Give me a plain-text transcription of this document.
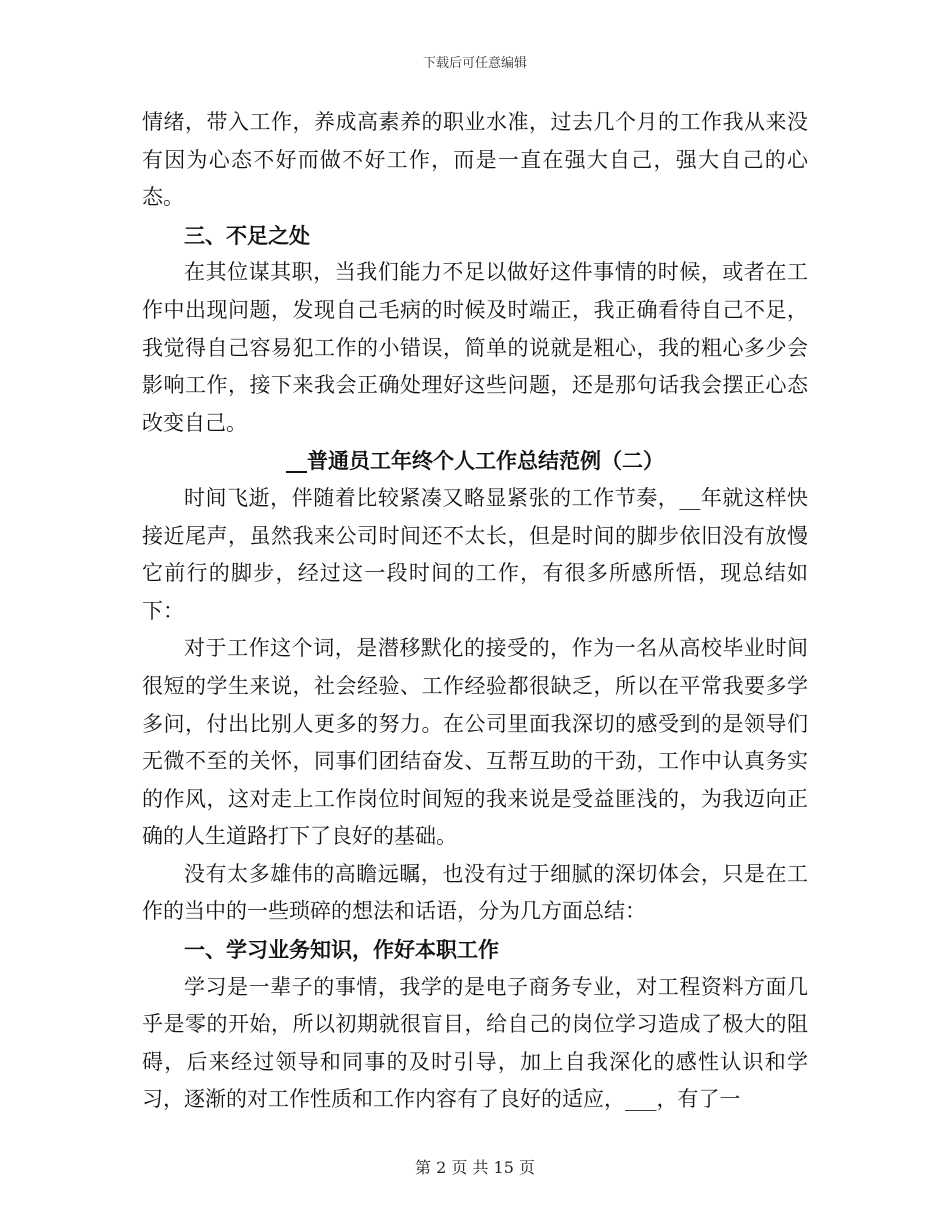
下载后可任意编辑

情绪，带入工作，养成高素养的职业水准，过去几个月的工作我从来没有因为心态不好而做不好工作，而是一直在强大自己，强大自己的心态。

三、不足之处

在其位谋其职，当我们能力不足以做好这件事情的时候，或者在工作中出现问题，发现自己毛病的时候及时端正，我正确看待自己不足，我觉得自己容易犯工作的小错误，简单的说就是粗心，我的粗心多少会影响工作，接下来我会正确处理好这些问题，还是那句话我会摆正心态改变自己。

__普通员工年终个人工作总结范例（二）

时间飞逝，伴随着比较紧凑又略显紧张的工作节奏，__年就这样快接近尾声，虽然我来公司时间还不太长，但是时间的脚步依旧没有放慢它前行的脚步，经过这一段时间的工作，有很多所感所悟，现总结如下：

对于工作这个词，是潜移默化的接受的，作为一名从高校毕业时间很短的学生来说，社会经验、工作经验都很缺乏，所以在平常我要多学多问，付出比别人更多的努力。在公司里面我深切的感受到的是领导们无微不至的关怀，同事们团结奋发、互帮互助的干劲，工作中认真务实的作风，这对走上工作岗位时间短的我来说是受益匪浅的，为我迈向正确的人生道路打下了良好的基础。

没有太多雄伟的高瞻远瞩，也没有过于细腻的深切体会，只是在工作的当中的一些琐碎的想法和话语，分为几方面总结：

一、学习业务知识，作好本职工作

学习是一辈子的事情，我学的是电子商务专业，对工程资料方面几乎是零的开始，所以初期就很盲目，给自己的岗位学习造成了极大的阻碍，后来经过领导和同事的及时引导，加上自我深化的感性认识和学习，逐渐的对工作性质和工作内容有了良好的适应，___，有了一

第 2 页 共 15 页
